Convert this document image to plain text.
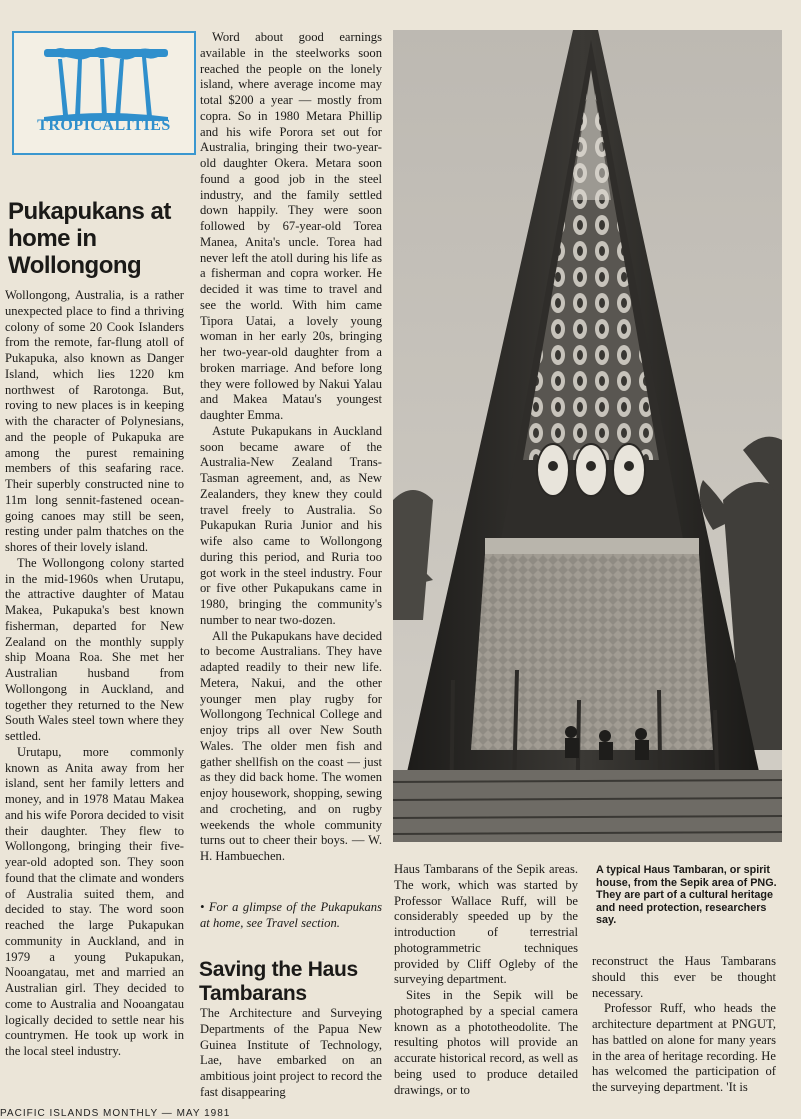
TROPICALITIES
Pukapukans at home in Wollongong

Wollongong, Australia, is a rather unexpected place to find a thriving colony of some 20 Cook Islanders from the remote, far-flung atoll of Pukapuka, also known as Danger Island, which lies 1220 km northwest of Rarotonga. But, roving to new places is in keeping with the character of Polynesians, and the people of Pukapuka are among the purest remaining members of this seafaring race. Their superbly constructed nine to 11m long sennit-fastened ocean-going canoes may still be seen, resting under palm thatches on the shores of their lovely island.

The Wollongong colony started in the mid-1960s when Urutapu, the attractive daughter of Matau Makea, Pukapuka's best known fisherman, departed for New Zealand on the monthly supply ship Moana Roa. She met her Australian husband from Wollongong in Auckland, and together they returned to the New South Wales steel town where they settled.

Urutapu, more commonly known as Anita away from her island, sent her family letters and money, and in 1978 Matau Makea and his wife Porora decided to visit their daughter. They flew to Wollongong, bringing their five-year-old adopted son. They soon found that the climate and wonders of Australia suited them, and decided to stay. The word soon reached the large Pukapukan community in Auckland, and in 1979 a young Pukapukan, Nooangatau, met and married an Australian girl. They decided to come to Australia and Nooangatau logically decided to settle near his countrymen. He took up work in the local steel industry.

Word about good earnings available in the steelworks soon reached the people on the lonely island, where average income may total $200 a year — mostly from copra. So in 1980 Metara Phillip and his wife Porora set out for Australia, bringing their two-year-old daughter Okera. Metara soon found a good job in the steel industry, and the family settled down happily. They were soon followed by 67-year-old Torea Manea, Anita's uncle. Torea had never left the atoll during his life as a fisherman and copra worker. He decided it was time to travel and see the world. With him came Tipora Uatai, a lovely young woman in her early 20s, bringing her two-year-old daughter from a broken marriage. And before long they were followed by Nakui Yalau and Makea Matau's youngest daughter Emma.

Astute Pukapukans in Auckland soon became aware of the Australia-New Zealand Trans-Tasman agreement, and, as New Zealanders, they knew they could travel freely to Australia. So Pukapukan Ruria Junior and his wife also came to Wollongong during this period, and Ruria too got work in the steel industry. Four or five other Pukapukans came in 1980, bringing the community's number to near two-dozen.

All the Pukapukans have decided to become Australians. They have adapted readily to their new life. Metera, Nakui, and the other younger men play rugby for Wollongong Technical College and enjoy trips all over New South Wales. The older men fish and gather shellfish on the coast — just as they did back home. The women enjoy housework, shopping, sewing and crocheting, and on rugby weekends the whole community turns out to cheer their boys. — W. H. Hambuechen.

• For a glimpse of the Pukapukans at home, see Travel section.

Saving the Haus Tambarans

The Architecture and Surveying Departments of the Papua New Guinea Institute of Technology, Lae, have embarked on an ambitious joint project to record the fast disappearing

A typical Haus Tambaran, or spirit house, from the Sepik area of PNG. They are part of a cultural heritage and need protection, researchers say.

Haus Tambarans of the Sepik areas. The work, which was started by Professor Wallace Ruff, will be considerably speeded up by the introduction of terrestrial photogrammetric techniques provided by Cliff Ogleby of the surveying department.

Sites in the Sepik will be photographed by a special camera known as a phototheodolite. The resulting photos will provide an accurate historical record, as well as being used to produce detailed drawings, or to

reconstruct the Haus Tambarans should this ever be thought necessary.

Professor Ruff, who heads the architecture department at PNGUT, has battled on alone for many years in the area of heritage recording. He has welcomed the participation of the surveying department. 'It is

PACIFIC ISLANDS MONTHLY — MAY 1981
